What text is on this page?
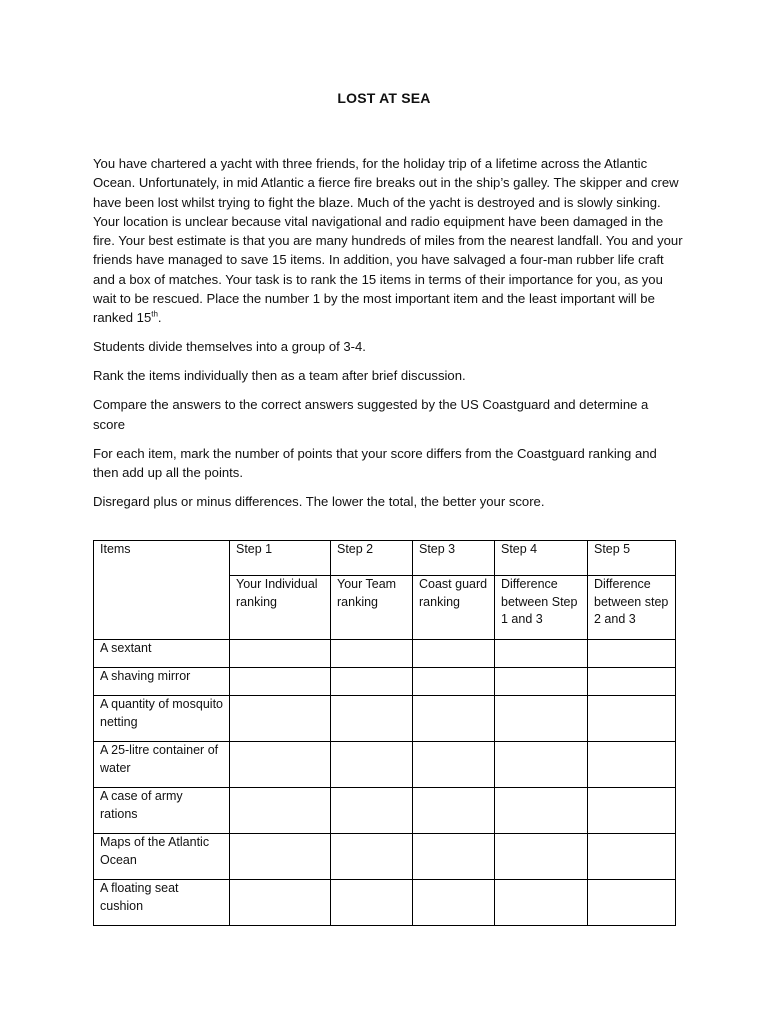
LOST AT SEA

You have chartered a yacht with three friends, for the holiday trip of a lifetime across the Atlantic Ocean. Unfortunately, in mid Atlantic a fierce fire breaks out in the ship’s galley. The skipper and crew have been lost whilst trying to fight the blaze. Much of the yacht is destroyed and is slowly sinking. Your location is unclear because vital navigational and radio equipment have been damaged in the fire. Your best estimate is that you are many hundreds of miles from the nearest landfall. You and your friends have managed to save 15 items. In addition, you have salvaged a four-man rubber life craft and a box of matches. Your task is to rank the 15 items in terms of their importance for you, as you wait to be rescued. Place the number 1 by the most important item and the least important will be ranked 15th.

Students divide themselves into a group of 3-4.

Rank the items individually then as a team after brief discussion.

Compare the answers to the correct answers suggested by the US Coastguard and determine a score

For each item, mark the number of points that your score differs from the Coastguard ranking and then add up all the points.

Disregard plus or minus differences. The lower the total, the better your score.

Items	Step 1	Step 2	Step 3	Step 4	Step 5
	Your Individual ranking	Your Team ranking	Coast guard ranking	Difference between Step 1 and 3	Difference between step 2 and 3
A sextant					
A shaving mirror					
A quantity of mosquito netting					
A 25-litre container of water					
A case of army rations					
Maps of the Atlantic Ocean					
A floating seat cushion					
